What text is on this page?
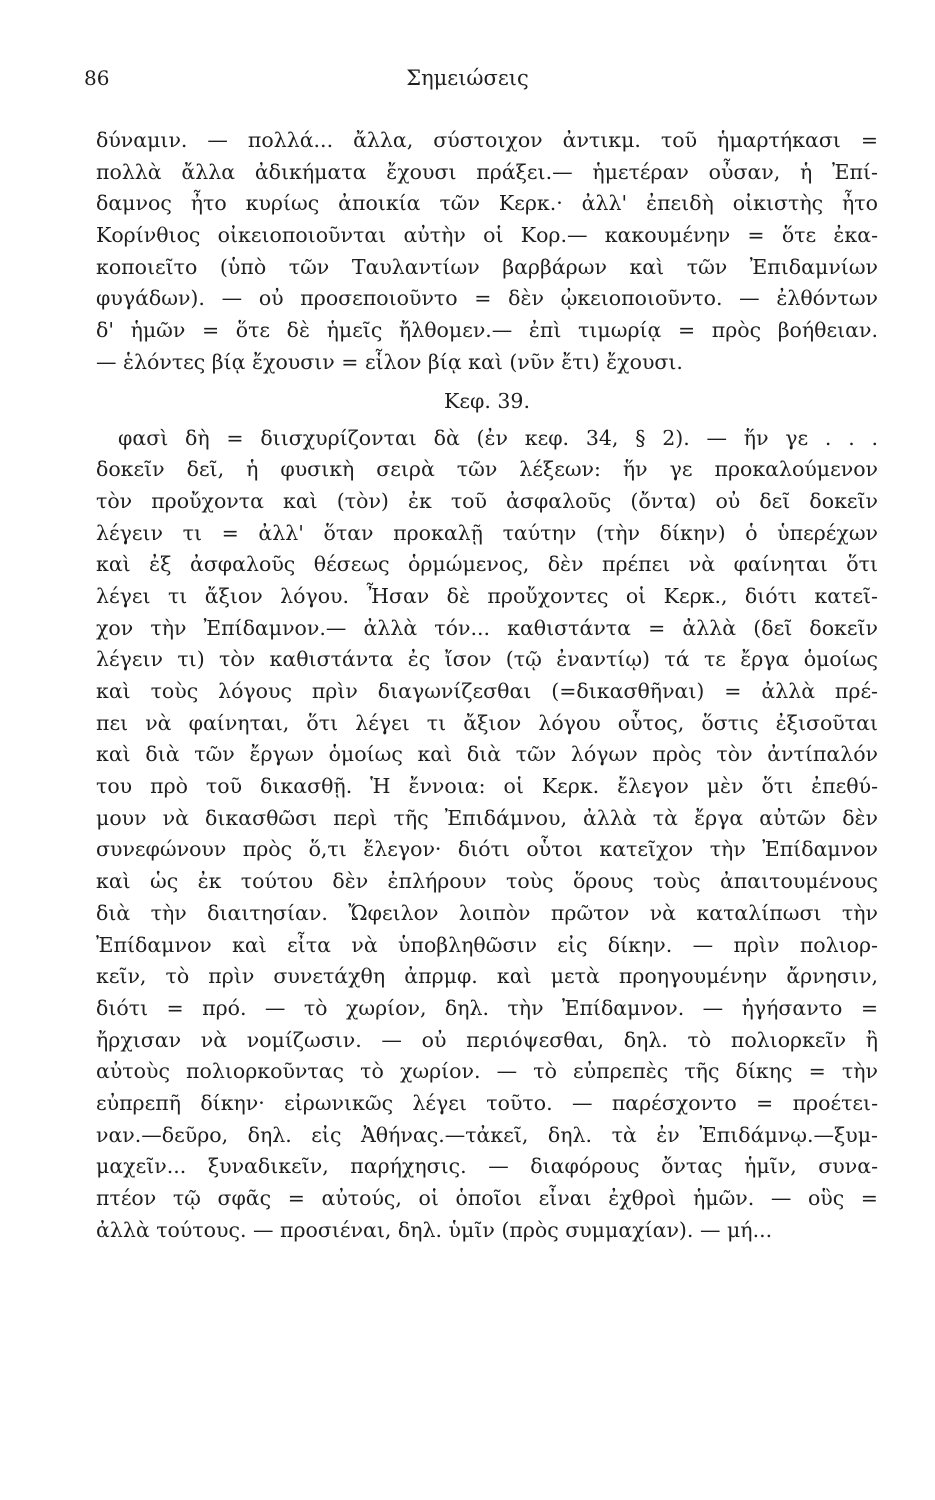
86	Σημειώσεις
δύναμιν. — πολλά... ἄλλα, σύστοιχον ἀντικμ. τοῦ ἡμαρτήκασι =
πολλὰ ἄλλα ἀδικήματα ἔχουσι πράξει.— ἡμετέραν οὖσαν, ἡ Ἐπί-
δαμνος ἦτο κυρίως ἀποικία τῶν Κερκ.· ἀλλ' ἐπειδὴ οἰκιστὴς ἦτο
Κορίνθιος οἰκειοποιοῦνται αὐτὴν οἱ Κορ.— κακουμένην = ὅτε ἐκα-
κοποιεῖτο (ὑπὸ τῶν Ταυλαντίων βαρβάρων καὶ τῶν Ἐπιδαμνίων
φυγάδων). — οὐ προσεποιοῦντο = δὲν ᾠκειοποιοῦντο. — ἐλθόντων
δ' ἡμῶν = ὅτε δὲ ἡμεῖς ἤλθομεν.— ἐπὶ τιμωρίᾳ = πρὸς βοήθειαν.
— ἑλόντες βίᾳ ἔχουσιν = εἷλον βίᾳ καὶ (νῦν ἔτι) ἔχουσι.
Κεφ. 39.
φασὶ δὴ = διισχυρίζονται δὰ (ἐν κεφ. 34, § 2). — ἥν γε . . .
δοκεῖν δεῖ, ἡ φυσικὴ σειρὰ τῶν λέξεων: ἥν γε προκαλούμενον
τὸν προὔχοντα καὶ (τὸν) ἐκ τοῦ ἀσφαλοῦς (ὄντα) οὐ δεῖ δοκεῖν
λέγειν τι = ἀλλ' ὅταν προκαλῇ ταύτην (τὴν δίκην) ὁ ὑπερέχων
καὶ ἐξ ἀσφαλοῦς θέσεως ὁρμώμενος, δὲν πρέπει νὰ φαίνηται ὅτι
λέγει τι ἄξιον λόγου. Ἦσαν δὲ προὔχοντες οἱ Κερκ., διότι κατεῖ-
χον τὴν Ἐπίδαμνον.— ἀλλὰ τόν... καθιστάντα = ἀλλὰ (δεῖ δοκεῖν
λέγειν τι) τὸν καθιστάντα ἐς ἴσον (τῷ ἐναντίῳ) τά τε ἔργα ὁμοίως
καὶ τοὺς λόγους πρὶν διαγωνίζεσθαι (=δικασθῆναι) = ἀλλὰ πρέ-
πει νὰ φαίνηται, ὅτι λέγει τι ἄξιον λόγου οὗτος, ὅστις ἐξισοῦται
καὶ διὰ τῶν ἔργων ὁμοίως καὶ διὰ τῶν λόγων πρὸς τὸν ἀντίπαλόν
του πρὸ τοῦ δικασθῇ. Ἡ ἔννοια: οἱ Κερκ. ἔλεγον μὲν ὅτι ἐπεθύ-
μουν νὰ δικασθῶσι περὶ τῆς Ἐπιδάμνου, ἀλλὰ τὰ ἔργα αὐτῶν δὲν
συνεφώνουν πρὸς ὅ,τι ἔλεγον· διότι οὗτοι κατεῖχον τὴν Ἐπίδαμνον
καὶ ὡς ἐκ τούτου δὲν ἐπλήρουν τοὺς ὅρους τοὺς ἀπαιτουμένους
διὰ τὴν διαιτησίαν. Ὤφειλον λοιπὸν πρῶτον νὰ καταλίπωσι τὴν
Ἐπίδαμνον καὶ εἶτα νὰ ὑποβληθῶσιν εἰς δίκην. — πρὶν πολιορ-
κεῖν, τὸ πρὶν συνετάχθη ἀπρμφ. καὶ μετὰ προηγουμένην ἄρνησιν,
διότι = πρό. — τὸ χωρίον, δηλ. τὴν Ἐπίδαμνον. — ἠγήσαντο =
ἤρχισαν νὰ νομίζωσιν. — οὐ περιόψεσθαι, δηλ. τὸ πολιορκεῖν ἢ
αὐτοὺς πολιορκοῦντας τὸ χωρίον. — τὸ εὐπρεπὲς τῆς δίκης = τὴν
εὐπρεπῆ δίκην· εἰρωνικῶς λέγει τοῦτο. — παρέσχοντο = προέτει-
ναν.—δεῦρο, δηλ. εἰς Ἀθήνας.—τἀκεῖ, δηλ. τὰ ἐν Ἐπιδάμνῳ.—ξυμ-
μαχεῖν... ξυναδικεῖν, παρήχησις. — διαφόρους ὄντας ἡμῖν, συνα-
πτέον τῷ σφᾶς = αὐτούς, οἱ ὁποῖοι εἶναι ἐχθροὶ ἡμῶν. — οὓς =
ἀλλὰ τούτους. — προσιέναι, δηλ. ὑμῖν (πρὸς συμμαχίαν). — μή...
